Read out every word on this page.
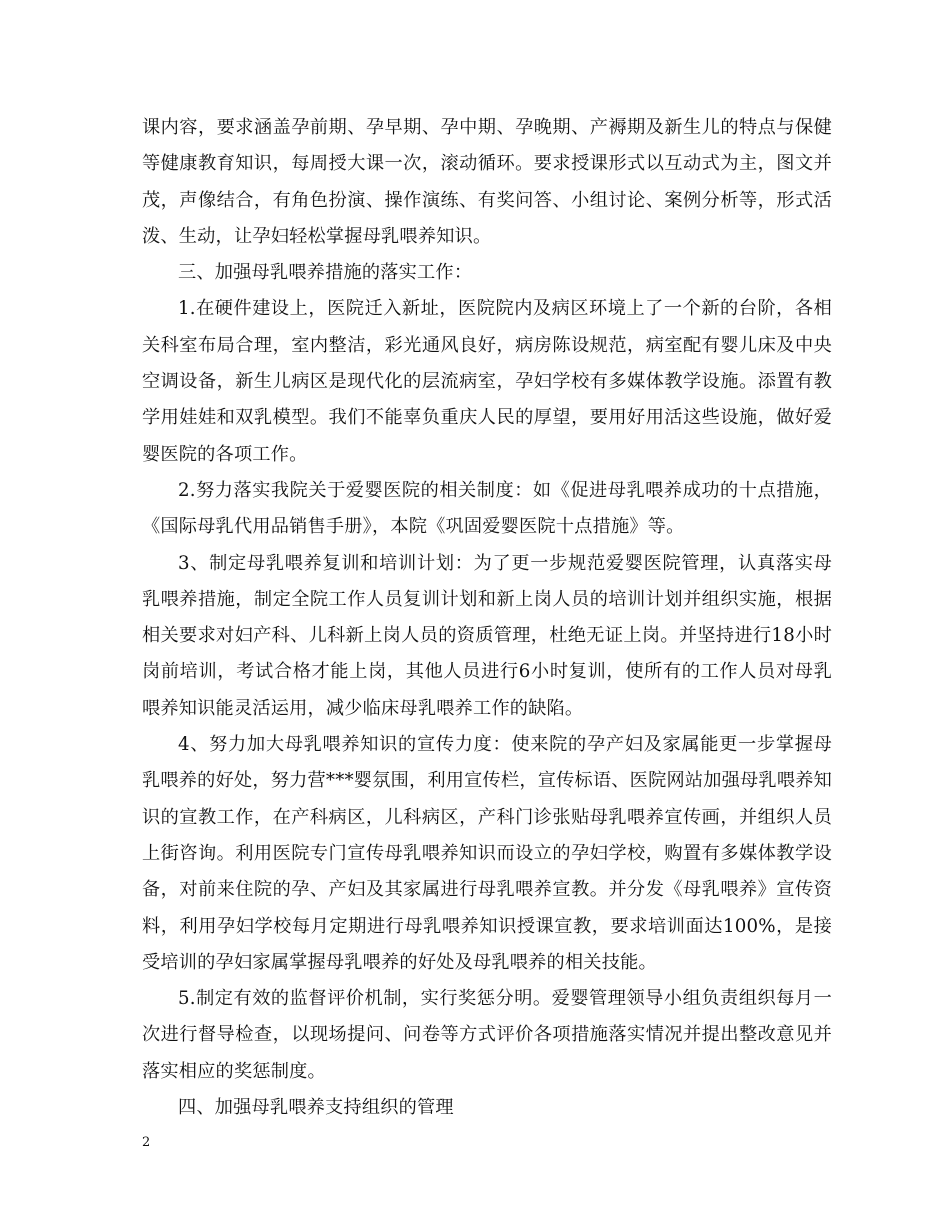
课内容，要求涵盖孕前期、孕早期、孕中期、孕晚期、产褥期及新生儿的特点与保健等健康教育知识，每周授大课一次，滚动循环。要求授课形式以互动式为主，图文并茂，声像结合，有角色扮演、操作演练、有奖问答、小组讨论、案例分析等，形式活泼、生动，让孕妇轻松掌握母乳喂养知识。

三、加强母乳喂养措施的落实工作：

1.在硬件建设上，医院迁入新址，医院院内及病区环境上了一个新的台阶，各相关科室布局合理，室内整洁，彩光通风良好，病房陈设规范，病室配有婴儿床及中央空调设备，新生儿病区是现代化的层流病室，孕妇学校有多媒体教学设施。添置有教学用娃娃和双乳模型。我们不能辜负重庆人民的厚望，要用好用活这些设施，做好爱婴医院的各项工作。

2.努力落实我院关于爱婴医院的相关制度：如《促进母乳喂养成功的十点措施，《国际母乳代用品销售手册》，本院《巩固爱婴医院十点措施》等。

3、制定母乳喂养复训和培训计划：为了更一步规范爱婴医院管理，认真落实母乳喂养措施，制定全院工作人员复训计划和新上岗人员的培训计划并组织实施，根据相关要求对妇产科、儿科新上岗人员的资质管理，杜绝无证上岗。并坚持进行18小时岗前培训，考试合格才能上岗，其他人员进行6小时复训，使所有的工作人员对母乳喂养知识能灵活运用，减少临床母乳喂养工作的缺陷。

4、努力加大母乳喂养知识的宣传力度：使来院的孕产妇及家属能更一步掌握母乳喂养的好处，努力营***婴氛围，利用宣传栏，宣传标语、医院网站加强母乳喂养知识的宣教工作，在产科病区，儿科病区，产科门诊张贴母乳喂养宣传画，并组织人员上街咨询。利用医院专门宣传母乳喂养知识而设立的孕妇学校，购置有多媒体教学设备，对前来住院的孕、产妇及其家属进行母乳喂养宣教。并分发《母乳喂养》宣传资料，利用孕妇学校每月定期进行母乳喂养知识授课宣教，要求培训面达100%，是接受培训的孕妇家属掌握母乳喂养的好处及母乳喂养的相关技能。

5.制定有效的监督评价机制，实行奖惩分明。爱婴管理领导小组负责组织每月一次进行督导检查，以现场提问、问卷等方式评价各项措施落实情况并提出整改意见并落实相应的奖惩制度。

四、加强母乳喂养支持组织的管理

2
